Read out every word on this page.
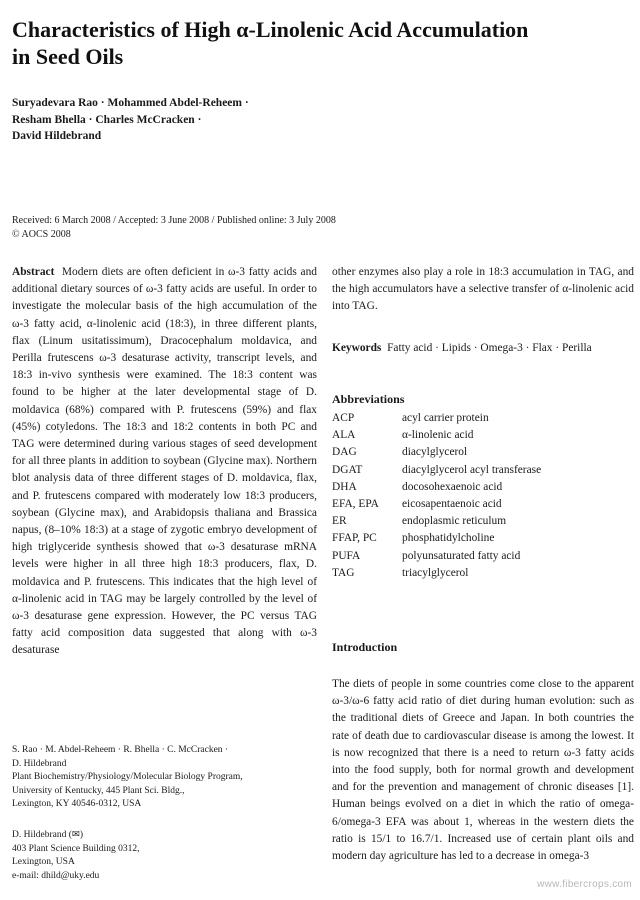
Characteristics of High α-Linolenic Acid Accumulation
in Seed Oils
Suryadevara Rao · Mohammed Abdel-Reheem ·
Resham Bhella · Charles McCracken ·
David Hildebrand
Received: 6 March 2008 / Accepted: 3 June 2008 / Published online: 3 July 2008
© AOCS 2008

Abstract Modern diets are often deficient in ω-3 fatty acids and additional dietary sources of ω-3 fatty acids are useful. In order to investigate the molecular basis of the high accumulation of the ω-3 fatty acid, α-linolenic acid (18:3), in three different plants, flax (Linum usitatissimum), Dracocephalum moldavica, and Perilla frutescens ω-3 desaturase activity, transcript levels, and 18:3 in-vivo synthesis were examined. The 18:3 content was found to be higher at the later developmental stage of D. moldavica (68%) compared with P. frutescens (59%) and flax (45%) cotyledons. The 18:3 and 18:2 contents in both PC and TAG were determined during various stages of seed development for all three plants in addition to soybean (Glycine max). Northern blot analysis data of three different stages of D. moldavica, flax, and P. frutescens compared with moderately low 18:3 producers, soybean (Glycine max), and Arabidopsis thaliana and Brassica napus, (8–10% 18:3) at a stage of zygotic embryo development of high triglyceride synthesis showed that ω-3 desaturase mRNA levels were higher in all three high 18:3 producers, flax, D. moldavica and P. frutescens. This indicates that the high level of α-linolenic acid in TAG may be largely controlled by the level of ω-3 desaturase gene expression. However, the PC versus TAG fatty acid composition data suggested that along with ω-3 desaturase

other enzymes also play a role in 18:3 accumulation in TAG, and the high accumulators have a selective transfer of α-linolenic acid into TAG.

Keywords Fatty acid · Lipids · Omega-3 · Flax · Perilla
Abbreviations
ACP	acyl carrier protein
ALA	α-linolenic acid
DAG	diacylglycerol
DGAT	diacylglycerol acyl transferase
DHA	docosohexaenoic acid
EFA, EPA	eicosapentaenoic acid
ER	endoplasmic reticulum
FFAP, PC	phosphatidylcholine
PUFA	polyunsaturated fatty acid
TAG	triacylglycerol
Introduction
The diets of people in some countries come close to the apparent ω-3/ω-6 fatty acid ratio of diet during human evolution: such as the traditional diets of Greece and Japan. In both countries the rate of death due to cardiovascular disease is among the lowest. It is now recognized that there is a need to return ω-3 fatty acids into the food supply, both for normal growth and development and for the prevention and management of chronic diseases [1]. Human beings evolved on a diet in which the ratio of omega-6/omega-3 EFA was about 1, whereas in the western diets the ratio is 15/1 to 16.7/1. Increased use of certain plant oils and modern day agriculture has led to a decrease in omega-3
S. Rao · M. Abdel-Reheem · R. Bhella · C. McCracken ·
D. Hildebrand
Plant Biochemistry/Physiology/Molecular Biology Program,
University of Kentucky, 445 Plant Sci. Bldg.,
Lexington, KY 40546-0312, USA
D. Hildebrand (✉)
403 Plant Science Building 0312,
Lexington, USA
e-mail: dhild@uky.edu
www.fibercrops.com
